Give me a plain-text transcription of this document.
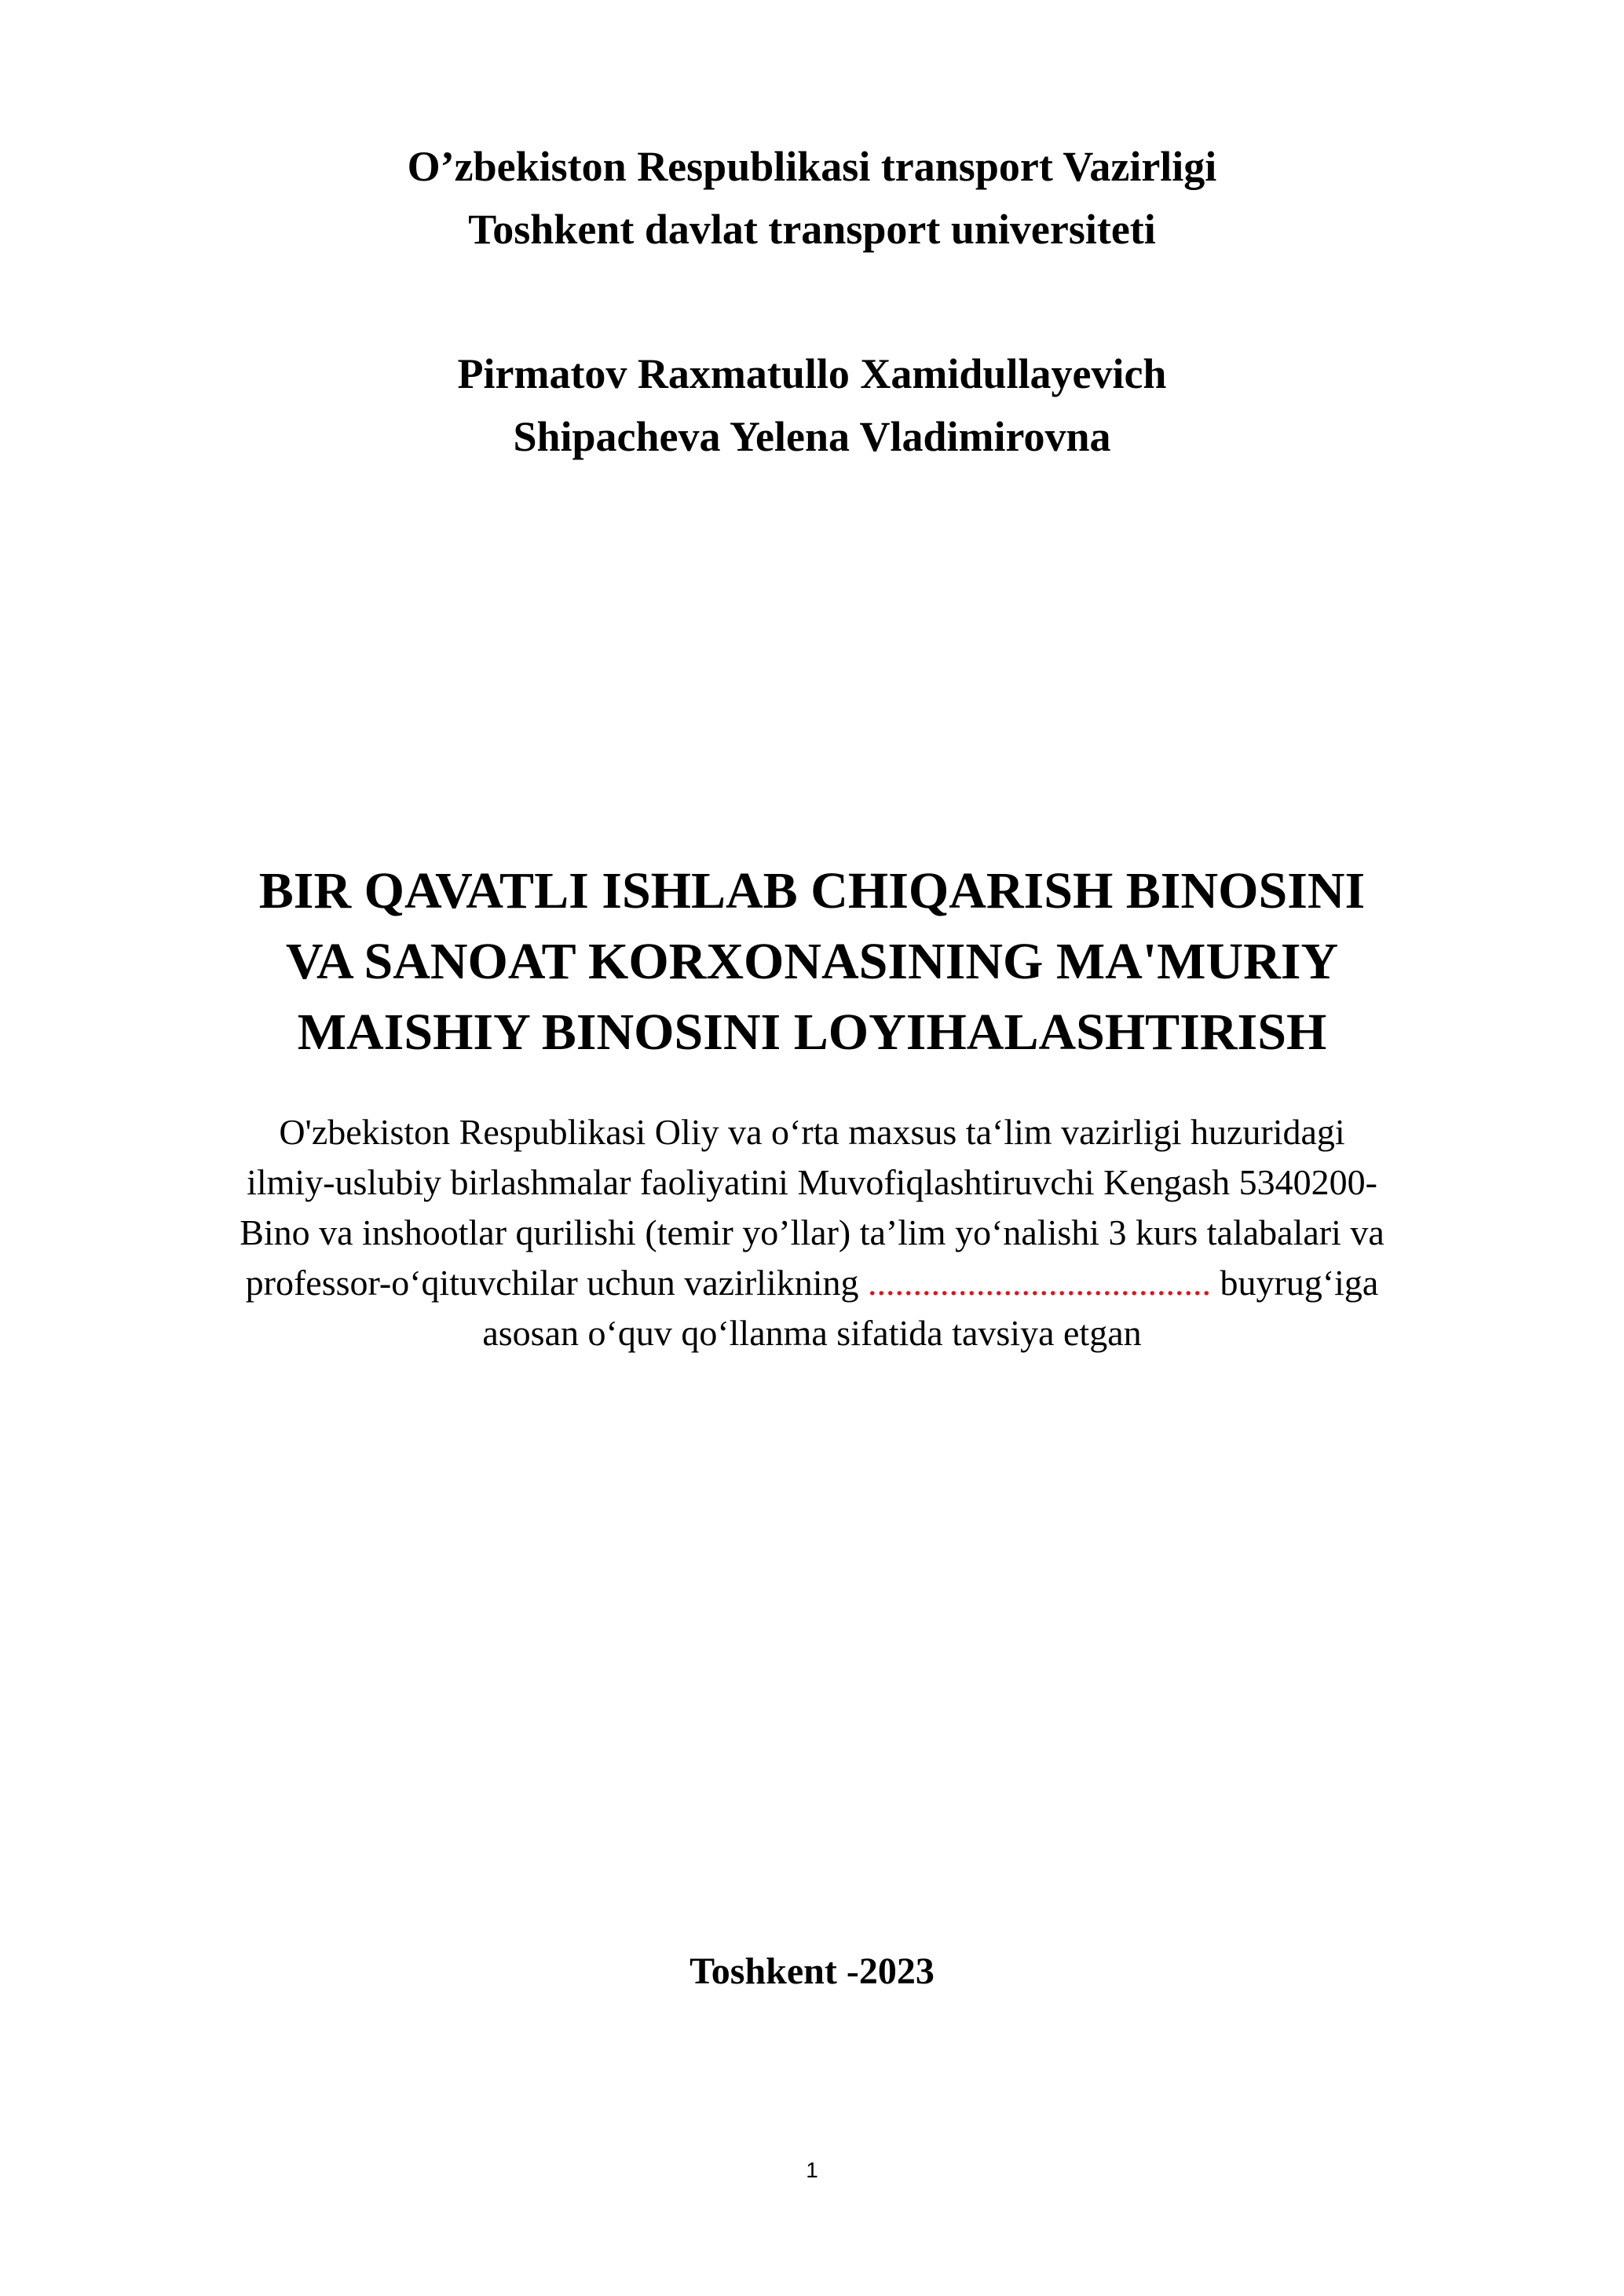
O’zbekiston Respublikasi transport Vazirligi
Toshkent davlat transport universiteti
Pirmatov Raxmatullo Xamidullayevich
Shipacheva Yelena Vladimirovna
BIR QAVATLI ISHLAB CHIQARISH BINOSINI
VA SANOAT KORXONASINING MA'MURIY
MAISHIY BINOSINI LOYIHALASHTIRISH
O'zbekiston Respublikasi Oliy va o‘rta maxsus ta‘lim vazirligi huzuridagi
ilmiy-uslubiy birlashmalar faoliyatini Muvofiqlashtiruvchi Kengash 5340200-
Bino va inshootlar qurilishi (temir yo’llar) ta’lim yo‘nalishi 3 kurs talabalari va
professor-o‘qituvchilar uchun vazirlikning ...................................... buyrug‘iga
asosan o‘quv qo‘llanma sifatida tavsiya etgan
Toshkent -2023
1
